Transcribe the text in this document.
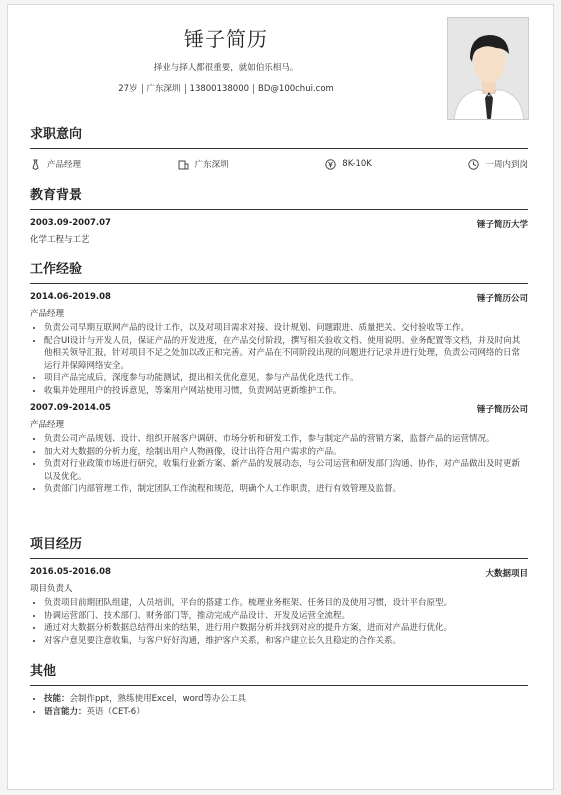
锤子简历
择业与择人都很重要，就如伯乐相马。
27岁 广东深圳 13800138000 BD@100chui.com
求职意向
产品经理	广东深圳	8K-10K	一周内到岗
教育背景
2003.09-2007.07	锤子简历大学
化学工程与工艺
工作经验
2014.06-2019.08	锤子简历公司
产品经理
• 负责公司早期互联网产品的设计工作，以及对项目需求对接、设计规划、问题跟进、质量把关、交付验收等工作。
• 配合UI设计与开发人员，保证产品的开发进度，在产品交付阶段，撰写相关验收文档、使用说明、业务配置等文档，并及时向其他相关领导汇报，针对项目不足之处加以改正和完善。对产品在不同阶段出现的问题进行记录并进行处理，负责公司网络的日常运行并保障网络安全。
• 项目产品完成后，深度参与功能测试，提出相关优化意见，参与产品优化迭代工作。
• 收集并处理用户的投诉意见，等案用户网站使用习惯，负责网站更新维护工作。
2007.09-2014.05	锤子简历公司
产品经理
• 负责公司产品规划、设计、组织开展客户调研、市场分析和研发工作，参与制定产品的营销方案，监督产品的运营情况。
• 加大对大数据的分析力度，绘制出用户人物画像，设计出符合用户需求的产品。
• 负责对行业政策市场进行研究，收集行业新方案、新产品的发展动态，与公司运营和研发部门沟通、协作，对产品做出及时更新以及优化。
• 负责部门内部管理工作，制定团队工作流程和规范，明确个人工作职责，进行有效管理及监督。
项目经历
2016.05-2016.08	大数据项目
项目负责人
• 负责项目前期团队组建，人员培训，平台的搭建工作。梳理业务框架、任务目的及使用习惯，设计平台原型。
• 协调运营部门、技术部门、财务部门等，推动完成产品设计、开发及运营全流程。
• 通过对大数据分析数据总结得出来的结果，进行用户数据分析并找到对应的提升方案，进而对产品进行优化。
• 对客户意见要注意收集，与客户好好沟通，维护客户关系，和客户建立长久且稳定的合作关系。
其他
• 技能：会制作ppt，熟练使用Excel，word等办公工具
• 语言能力：英语（CET-6）
